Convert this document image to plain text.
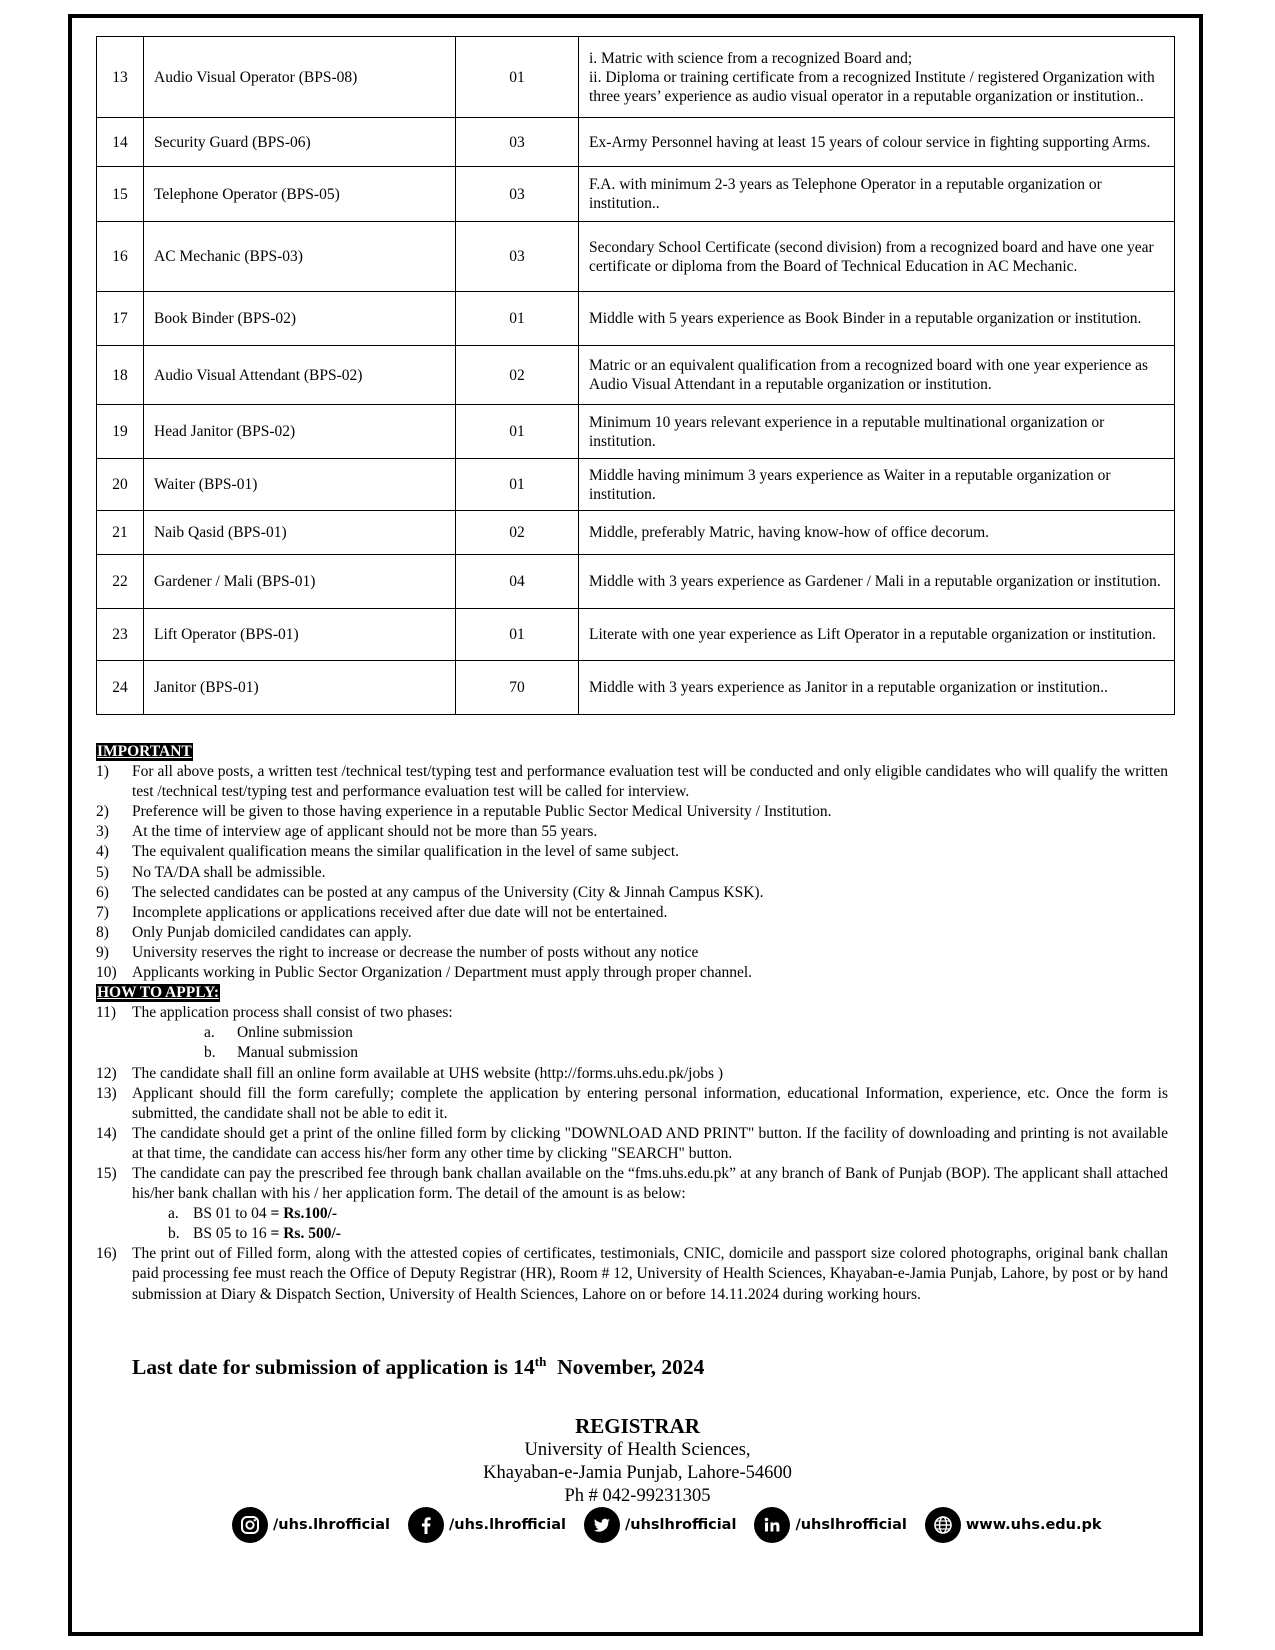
13	Audio Visual Operator (BPS-08)	01	i. Matric with science from a recognized Board and;
ii. Diploma or training certificate from a recognized Institute / registered Organization with three years’ experience as audio visual operator in a reputable organization or institution..

14	Security Guard (BPS-06)	03	Ex-Army Personnel having at least 15 years of colour service in fighting supporting Arms.

15	Telephone Operator (BPS-05)	03	F.A. with minimum 2-3 years as Telephone Operator in a reputable organization or institution..

16	AC Mechanic (BPS-03)	03	Secondary School Certificate (second division) from a recognized board and have one year certificate or diploma from the Board of Technical Education in AC Mechanic.

17	Book Binder (BPS-02)	01	Middle with 5 years experience as Book Binder in a reputable organization or institution.

18	Audio Visual Attendant (BPS-02)	02	Matric or an equivalent qualification from a recognized board with one year experience as Audio Visual Attendant in a reputable organization or institution.

19	Head Janitor (BPS-02)	01	Minimum 10 years relevant experience in a reputable multinational organization or institution.

20	Waiter (BPS-01)	01	Middle having minimum 3 years experience as Waiter in a reputable organization or institution.

21	Naib Qasid (BPS-01)	02	Middle, preferably Matric, having know-how of office decorum.

22	Gardener / Mali (BPS-01)	04	Middle with 3 years experience as Gardener / Mali in a reputable organization or institution.

23	Lift Operator (BPS-01)	01	Literate with one year experience as Lift Operator in a reputable organization or institution.

24	Janitor (BPS-01)	70	Middle with 3 years experience as Janitor in a reputable organization or institution..
IMPORTANT
1)	For all above posts, a written test /technical test/typing test and performance evaluation test will be conducted and only eligible candidates who will qualify the written test /technical test/typing test and performance evaluation test will be called for interview.
2)	Preference will be given to those having experience in a reputable Public Sector Medical University / Institution.
3)	At the time of interview age of applicant should not be more than 55 years.
4)	The equivalent qualification means the similar qualification in the level of same subject.
5)	No TA/DA shall be admissible.
6)	The selected candidates can be posted at any campus of the University (City & Jinnah Campus KSK).
7)	Incomplete applications or applications received after due date will not be entertained.
8)	Only Punjab domiciled candidates can apply.
9)	University reserves the right to increase or decrease the number of posts without any notice
10) Applicants working in Public Sector Organization / Department must apply through proper channel.
HOW TO APPLY:
11)	The application process shall consist of two phases:
a.	Online submission
b.	Manual submission
12) The candidate shall fill an online form available at UHS website (http://forms.uhs.edu.pk/jobs )
13) Applicant should fill the form carefully; complete the application by entering personal information, educational Information, experience, etc. Once the form is submitted, the candidate shall not be able to edit it.
14) The candidate should get a print of the online filled form by clicking "DOWNLOAD AND PRINT" button. If the facility of downloading and printing is not available at that time, the candidate can access his/her form any other time by clicking "SEARCH" button.
15) The candidate can pay the prescribed fee through bank challan available on the “fms.uhs.edu.pk” at any branch of Bank of Punjab (BOP). The applicant shall attached his/her bank challan with his / her application form. The detail of the amount is as below:
a. BS 01 to 04
= Rs.100/-
b. BS 05 to 16
= Rs. 500/-
16) The print out of Filled form, along with the attested copies of certificates, testimonials, CNIC, domicile and passport size colored photographs, original bank challan paid processing fee must reach the Office of Deputy Registrar (HR), Room # 12, University of Health Sciences, Khayaban-e-Jamia Punjab, Lahore, by post or by hand submission at Diary & Dispatch Section, University of Health Sciences, Lahore on or before 14.11.2024 during working hours.
Last date for submission of application is 14th  November, 2024
REGISTRAR
University of Health Sciences,
Khayaban-e-Jamia Punjab, Lahore-54600
Ph # 042-99231305
/uhs.lhrofficial	/uhs.lhrofficial	/uhslhrofficial	/uhslhrofficial	www.uhs.edu.pk
